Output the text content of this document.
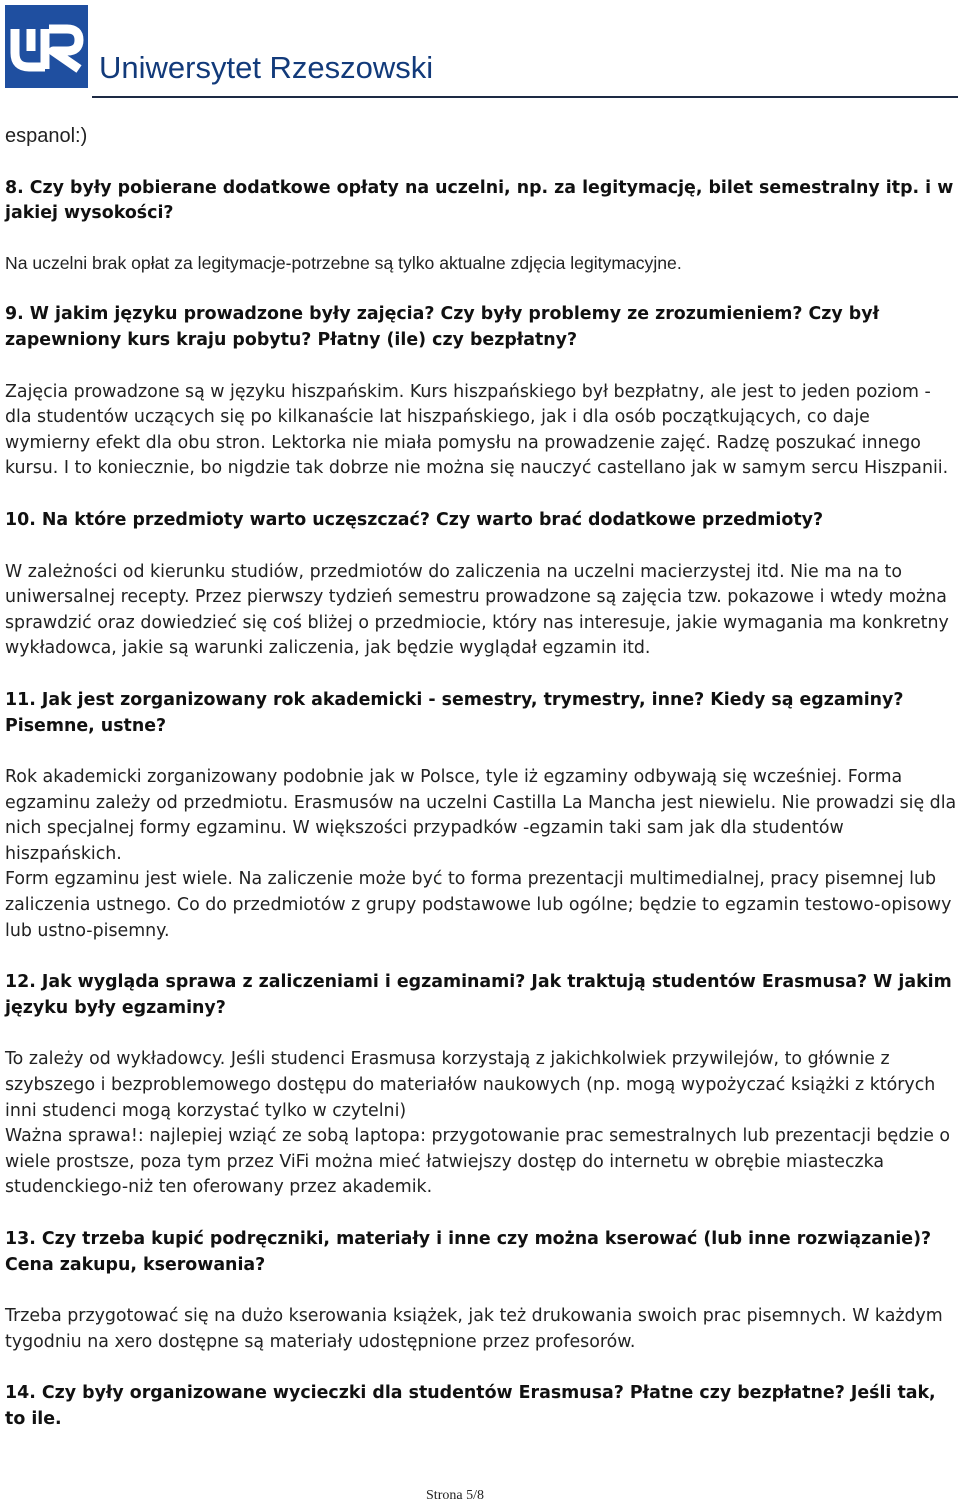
Uniwersytet Rzeszowski

espanol:)

8. Czy były pobierane dodatkowe opłaty na uczelni, np. za legitymację, bilet semestralny itp. i w jakiej wysokości?

Na uczelni brak opłat za legitymacje-potrzebne są tylko aktualne zdjęcia legitymacyjne.

9. W jakim języku prowadzone były zajęcia? Czy były problemy ze zrozumieniem? Czy był zapewniony kurs kraju pobytu? Płatny (ile) czy bezpłatny?

Zajęcia prowadzone są w języku hiszpańskim. Kurs hiszpańskiego był bezpłatny, ale jest to jeden poziom - dla studentów uczących się po kilkanaście lat hiszpańskiego, jak i dla osób początkujących, co daje wymierny efekt dla obu stron. Lektorka nie miała pomysłu na prowadzenie zajęć. Radzę poszukać innego kursu. I to koniecznie, bo nigdzie tak dobrze nie można się nauczyć castellano jak w samym sercu Hiszpanii.

10. Na które przedmioty warto uczęszczać? Czy warto brać dodatkowe przedmioty?

W zależności od kierunku studiów, przedmiotów do zaliczenia na uczelni macierzystej itd. Nie ma na to uniwersalnej recepty. Przez pierwszy tydzień semestru prowadzone są zajęcia tzw. pokazowe i wtedy można sprawdzić oraz dowiedzieć się coś bliżej o przedmiocie, który nas interesuje, jakie wymagania ma konkretny wykładowca, jakie są warunki zaliczenia, jak będzie wyglądał egzamin itd.

11. Jak jest zorganizowany rok akademicki - semestry, trymestry, inne? Kiedy są egzaminy? Pisemne, ustne?

Rok akademicki zorganizowany podobnie jak w Polsce, tyle iż egzaminy odbywają się wcześniej. Forma egzaminu zależy od przedmiotu. Erasmusów na uczelni Castilla La Mancha jest niewielu. Nie prowadzi się dla nich specjalnej formy egzaminu. W większości przypadków -egzamin taki sam jak dla studentów hiszpańskich.

Form egzaminu jest wiele. Na zaliczenie może być to forma prezentacji multimedialnej, pracy pisemnej lub zaliczenia ustnego. Co do przedmiotów z grupy podstawowe lub ogólne; będzie to egzamin testowo-opisowy lub ustno-pisemny.

12. Jak wygląda sprawa z zaliczeniami i egzaminami? Jak traktują studentów Erasmusa? W jakim języku były egzaminy?

To zależy od wykładowcy. Jeśli studenci Erasmusa korzystają z jakichkolwiek przywilejów, to głównie z szybszego i bezproblemowego dostępu do materiałów naukowych (np. mogą wypożyczać książki z których inni studenci mogą korzystać tylko w czytelni)

Ważna sprawa!: najlepiej wziąć ze sobą laptopa: przygotowanie prac semestralnych lub prezentacji będzie o wiele prostsze, poza tym przez ViFi można mieć łatwiejszy dostęp do internetu w obrębie miasteczka studenckiego-niż ten oferowany przez akademik.

13. Czy trzeba kupić podręczniki, materiały i inne czy można kserować (lub inne rozwiązanie)? Cena zakupu, kserowania?

Trzeba przygotować się na dużo kserowania książek, jak też drukowania swoich prac pisemnych. W każdym tygodniu na xero dostępne są materiały udostępnione przez profesorów.

14. Czy były organizowane wycieczki dla studentów Erasmusa? Płatne czy bezpłatne? Jeśli tak, to ile.

Strona 5/8
